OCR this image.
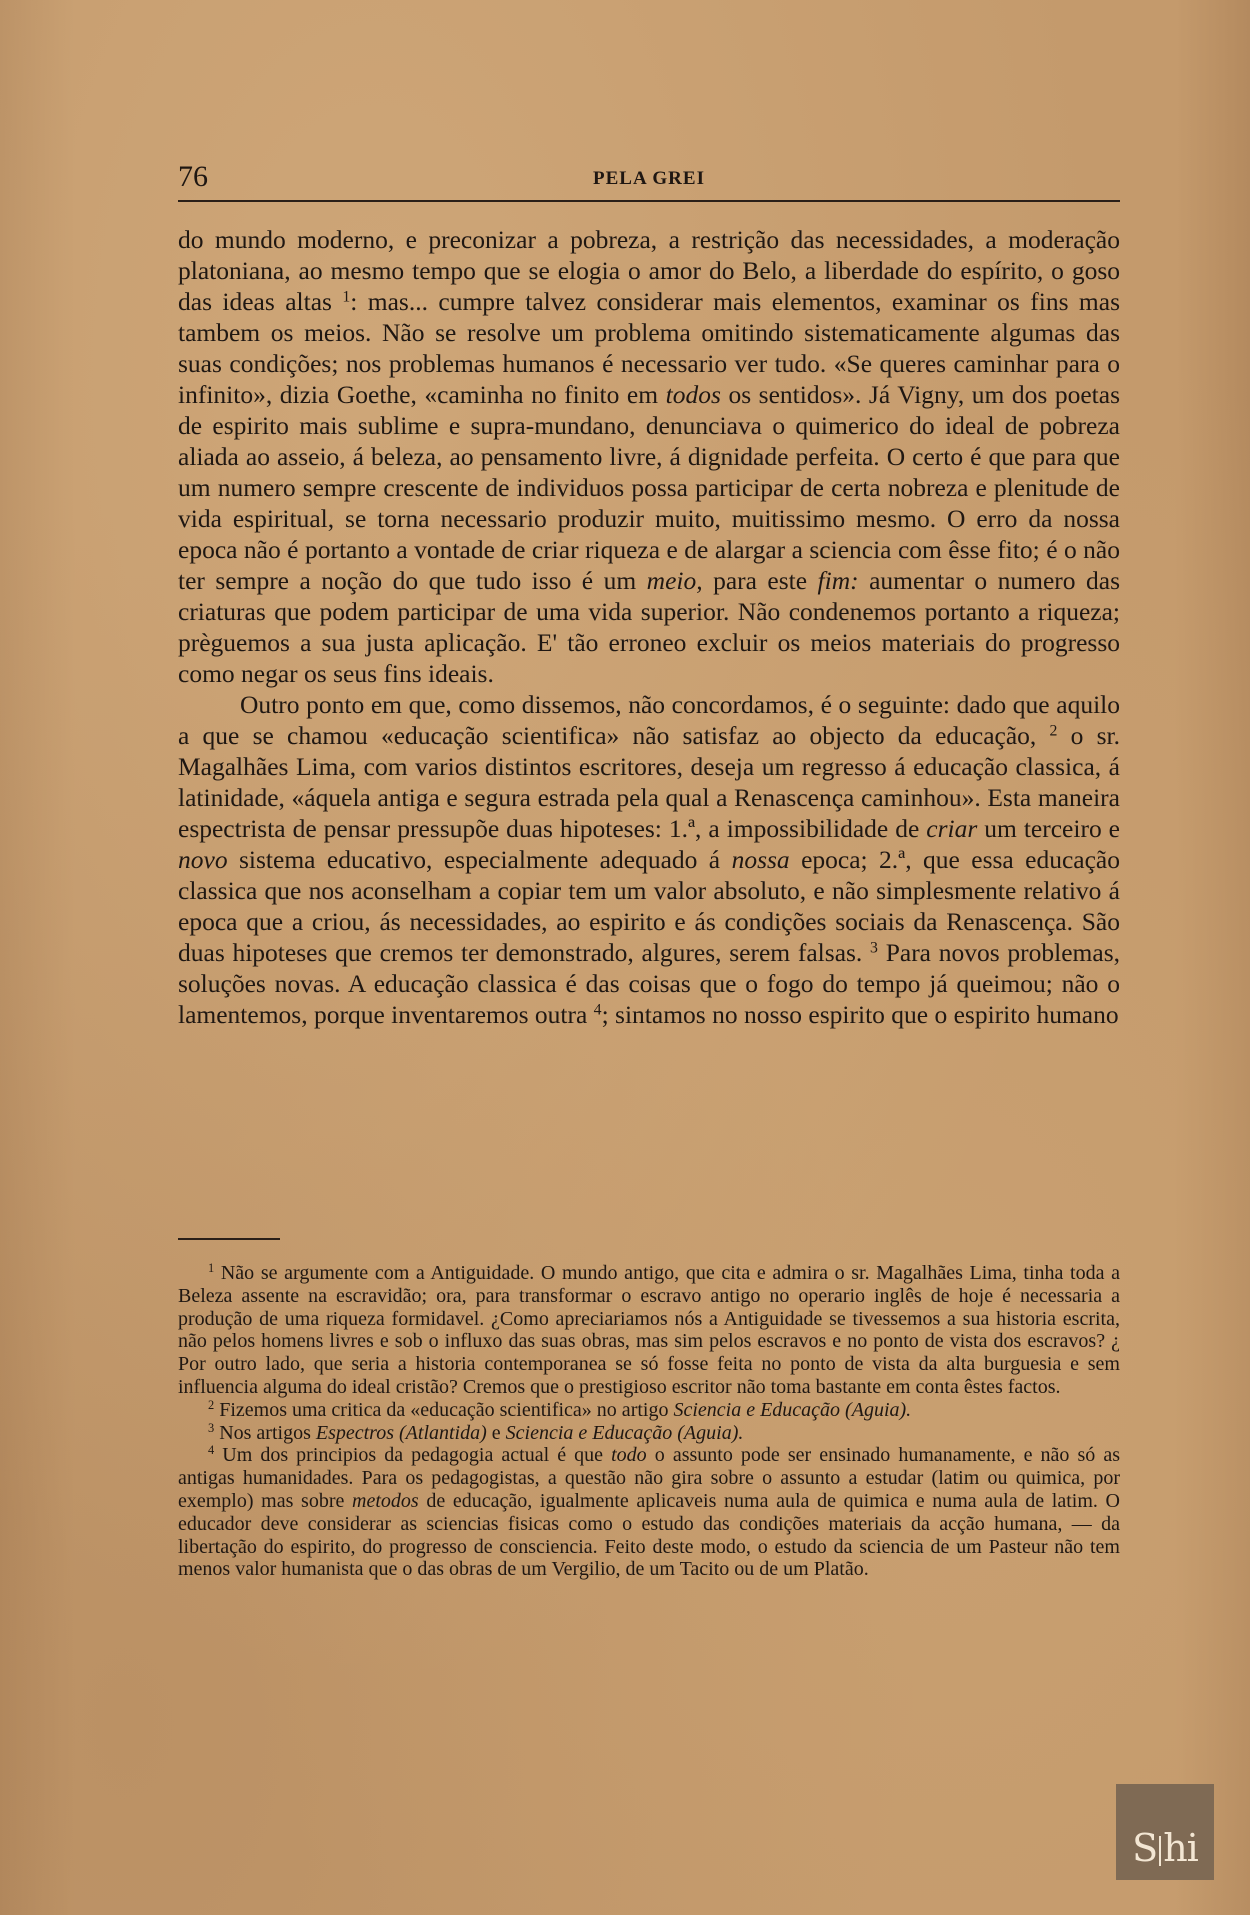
76	PELA GREI

do mundo moderno, e preconizar a pobreza, a restrição das necessidades, a moderação platoniana, ao mesmo tempo que se elogia o amor do Belo, a liberdade do espírito, o goso das ideas altas $^1$: mas... cumpre talvez considerar mais elementos, examinar os fins mas tambem os meios. Não se resolve um problema omitindo sistematicamente algumas das suas condições; nos problemas humanos é necessario ver tudo. «Se queres caminhar para o infinito», dizia Goethe, «caminha no finito em todos os sentidos». Já Vigny, um dos poetas de espirito mais sublime e supra-mundano, denunciava o quimerico do ideal de pobreza aliada ao asseio, á beleza, ao pensamento livre, á dignidade perfeita. O certo é que para que um numero sempre crescente de individuos possa participar de certa nobreza e plenitude de vida espiritual, se torna necessario produzir muito, muitissimo mesmo. O erro da nossa epoca não é portanto a vontade de criar riqueza e de alargar a sciencia com êsse fito; é o não ter sempre a noção do que tudo isso é um meio, para este fim: aumentar o numero das criaturas que podem participar de uma vida superior. Não condenemos portanto a riqueza; prèguemos a sua justa aplicação. E' tão erroneo excluir os meios materiais do progresso como negar os seus fins ideais.

Outro ponto em que, como dissemos, não concordamos, é o seguinte: dado que aquilo a que se chamou «educação scientifica» não satisfaz ao objecto da educação, $^2$ o sr. Magalhães Lima, com varios distintos escritores, deseja um regresso á educação classica, á latinidade, «áquela antiga e segura estrada pela qual a Renascença caminhou». Esta maneira espectrista de pensar pressupõe duas hipoteses: 1.ª, a impossibilidade de criar um terceiro e novo sistema educativo, especialmente adequado á nossa epoca; 2.ª, que essa educação classica que nos aconselham a copiar tem um valor absoluto, e não simplesmente relativo á epoca que a criou, ás necessidades, ao espirito e ás condições sociais da Renascença. São duas hipoteses que cremos ter demonstrado, algures, serem falsas. $^3$ Para novos problemas, soluções novas. A educação classica é das coisas que o fogo do tempo já queimou; não o lamentemos, porque inventaremos outra $^4$; sintamos no nosso espirito que o espirito humano

$^1$ Não se argumente com a Antiguidade. O mundo antigo, que cita e admira o sr. Magalhães Lima, tinha toda a Beleza assente na escravidão; ora, para transformar o escravo antigo no operario inglês de hoje é necessaria a produção de uma riqueza formidavel. ¿Como apreciariamos nós a Antiguidade se tivessemos a sua historia escrita, não pelos homens livres e sob o influxo das suas obras, mas sim pelos escravos e no ponto de vista dos escravos? ¿ Por outro lado, que seria a historia contemporanea se só fosse feita no ponto de vista da alta burguesia e sem influencia alguma do ideal cristão? Cremos que o prestigioso escritor não toma bastante em conta êstes factos.

$^2$ Fizemos uma critica da «educação scientifica» no artigo Sciencia e Educação (Aguia).

$^3$ Nos artigos Espectros (Atlantida) e Sciencia e Educação (Aguia).

$^4$ Um dos principios da pedagogia actual é que todo o assunto pode ser ensinado humanamente, e não só as antigas humanidades. Para os pedagogistas, a questão não gira sobre o assunto a estudar (latim ou quimica, por exemplo) mas sobre metodos de educação, igualmente aplicaveis numa aula de quimica e numa aula de latim. O educador deve considerar as sciencias fisicas como o estudo das condições materiais da acção humana, — da libertação do espirito, do progresso de consciencia. Feito deste modo, o estudo da sciencia de um Pasteur não tem menos valor humanista que o das obras de um Vergilio, de um Tacito ou de um Platão.

S hi
